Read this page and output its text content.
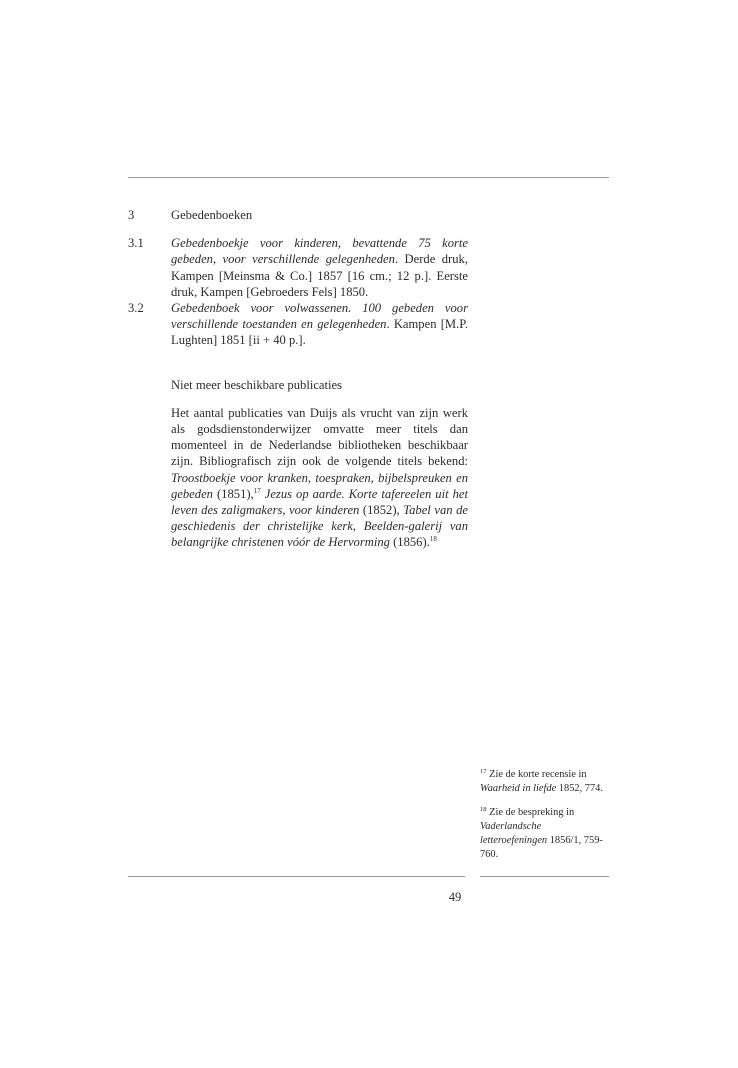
3	Gebedenboeken
3.1	Gebedenboekje voor kinderen, bevattende 75 korte gebeden, voor verschillende gelegenheden. Derde druk, Kampen [Meinsma & Co.] 1857 [16 cm.; 12 p.]. Eerste druk, Kampen [Gebroeders Fels] 1850.
3.2	Gebedenboek voor volwassenen. 100 gebeden voor verschillende toestanden en gelegenheden. Kampen [M.P. Lughten] 1851 [ii + 40 p.].
Niet meer beschikbare publicaties
Het aantal publicaties van Duijs als vrucht van zijn werk als godsdienstonderwijzer omvatte meer titels dan momenteel in de Nederlandse bibliotheken beschikbaar zijn. Bibliografisch zijn ook de volgende titels bekend: Troostboekje voor kranken, toespraken, bijbelspreuken en gebeden (1851),$^{17}$ Jezus op aarde. Korte tafereelen uit het leven des zaligmakers, voor kinderen (1852), Tabel van de geschiedenis der christelijke kerk, Beelden-galerij van belangrijke christenen vóór de Hervorming (1856).$^{18}$

$^{17}$ Zie de korte recensie in Waarheid in liefde 1852, 774.

$^{18}$ Zie de bespreking in Vaderlandsche letteroefeningen 1856/1, 759-760.

49
